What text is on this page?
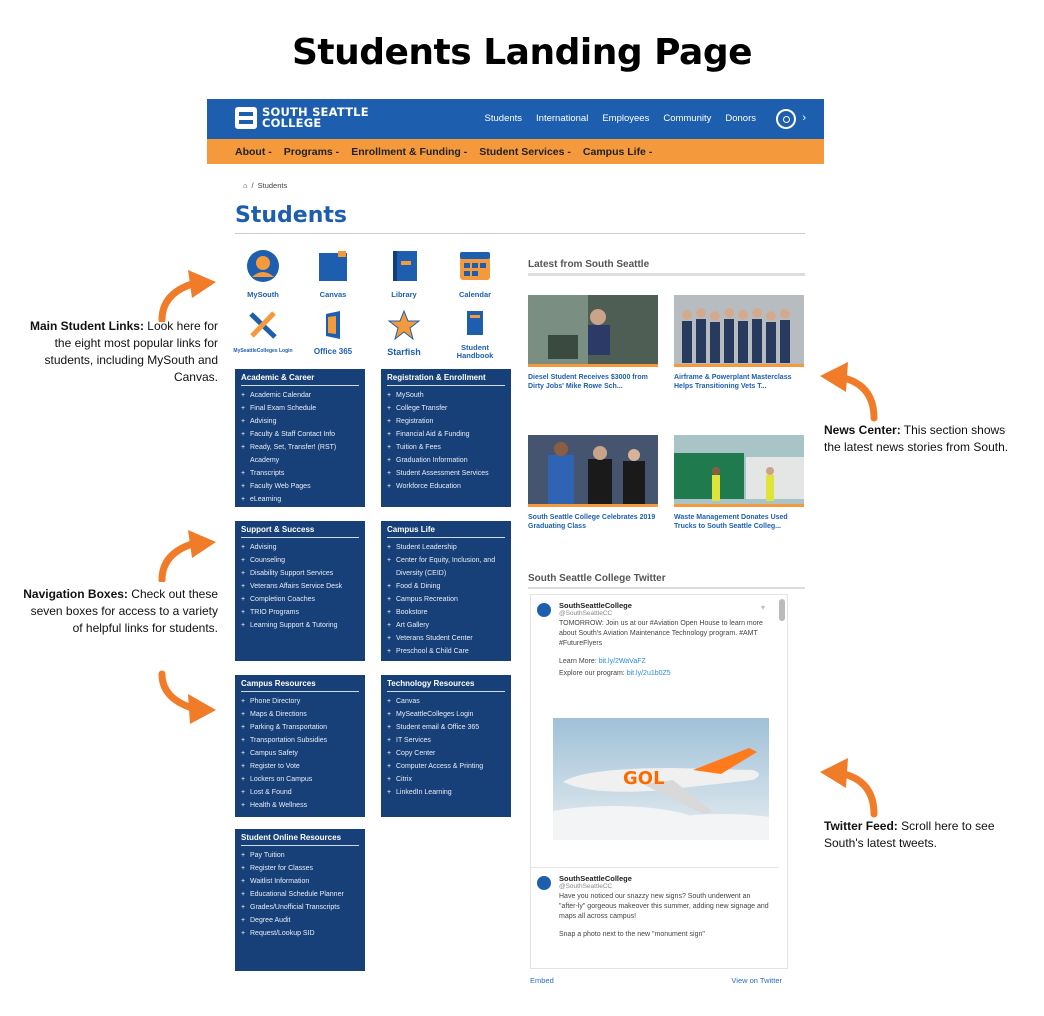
Students Landing Page
SOUTH SEATTLE
COLLEGE	Students International Employees Community Donors	›
About - Programs - Enrollment & Funding - Student Services - Campus Life -
⌂ / Students
Students
MySouth	Canvas	Library	Calendar
MySeattleColleges Login	Office 365	Starfish	Student Handbook
Academic & Career
+ Academic Calendar
+ Final Exam Schedule
+ Advising
+ Faculty & Staff Contact Info
+ Ready, Set, Transfer! (RST) Academy
+ Transcripts
+ Faculty Web Pages
+ eLearning
Registration & Enrollment
+ MySouth
+ College Transfer
+ Registration
+ Financial Aid & Funding
+ Tuition & Fees
+ Graduation Information
+ Student Assessment Services
+ Workforce Education
Support & Success
+ Advising
+ Counseling
+ Disability Support Services
+ Veterans Affairs Service Desk
+ Completion Coaches
+ TRIO Programs
+ Learning Support & Tutoring
Campus Life
+ Student Leadership
+ Center for Equity, Inclusion, and Diversity (CEID)
+ Food & Dining
+ Campus Recreation
+ Bookstore
+ Art Gallery
+ Veterans Student Center
+ Preschool & Child Care
Campus Resources
+ Phone Directory
+ Maps & Directions
+ Parking & Transportation
+ Transportation Subsidies
+ Campus Safety
+ Register to Vote
+ Lockers on Campus
+ Lost & Found
+ Health & Wellness
Technology Resources
+ Canvas
+ MySeattleColleges Login
+ Student email & Office 365
+ IT Services
+ Copy Center
+ Computer Access & Printing
+ Citrix
+ LinkedIn Learning
Student Online Resources
+ Pay Tuition
+ Register for Classes
+ Waitlist Information
+ Educational Schedule Planner
+ Grades/Unofficial Transcripts
+ Degree Audit
+ Request/Lookup SID
Latest from South Seattle
Diesel Student Receives $3000 from Dirty Jobs' Mike Rowe Sch...
Airframe & Powerplant Masterclass Helps Transitioning Vets T...
South Seattle College Celebrates 2019 Graduating Class
Waste Management Donates Used Trucks to South Seattle Colleg...
South Seattle College Twitter
SouthSeattleCollege
@SouthSeattleCC
▾
TOMORROW: Join us at our #Aviation Open House to learn more about South's Aviation Maintenance Technology program. #AMT #FutureFlyers
Learn More: bit.ly/2WaVaFZ
Explore our program: bit.ly/2u1b0Z5
GOL
SouthSeattleCollege
@SouthSeattleCC
Have you noticed our snazzy new signs? South underwent an "after-ly" gorgeous makeover this summer, adding new signage and maps all across campus!
Snap a photo next to the new "monument sign"
Embed	View on Twitter
Main Student Links: Look here for the eight most popular links for students, including MySouth and Canvas.
Navigation Boxes: Check out these seven boxes for access to a variety of helpful links for students.
News Center: This section shows the latest news stories from South.
Twitter Feed: Scroll here to see South's latest tweets.
